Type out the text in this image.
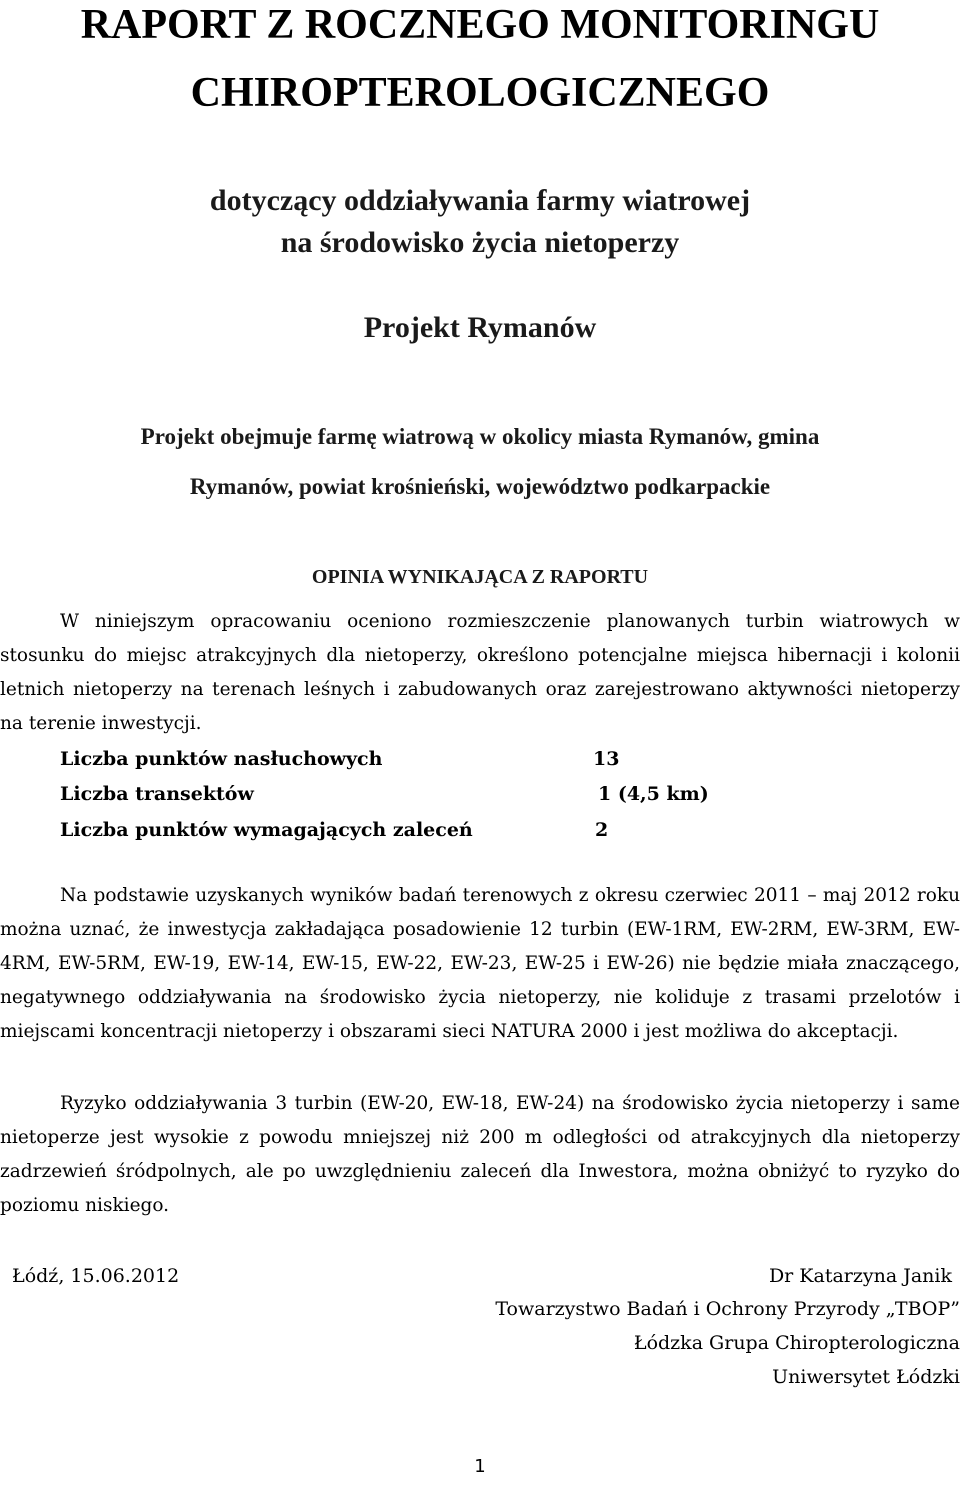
RAPORT Z ROCZNEGO MONITORINGU
CHIROPTEROLOGICZNEGO

dotyczący oddziaływania farmy wiatrowej

na środowisko życia nietoperzy

Projekt Rymanów

Projekt obejmuje farmę wiatrową w okolicy miasta Rymanów, gmina

Rymanów, powiat krośnieński, województwo podkarpackie

OPINIA WYNIKAJĄCA Z RAPORTU

W niniejszym opracowaniu oceniono rozmieszczenie planowanych turbin wiatrowych w stosunku do miejsc atrakcyjnych dla nietoperzy, określono potencjalne miejsca hibernacji i kolonii letnich nietoperzy na terenach leśnych i zabudowanych oraz zarejestrowano aktywności nietoperzy na terenie inwestycji.

Liczba punktów nasłuchowych	13
Liczba transektów	1 (4,5 km)
Liczba punktów wymagających zaleceń	2

Na podstawie uzyskanych wyników badań terenowych z okresu czerwiec 2011 – maj 2012 roku można uznać, że inwestycja zakładająca posadowienie 12 turbin (EW-1RM, EW-2RM, EW-3RM, EW-4RM, EW-5RM, EW-19, EW-14, EW-15, EW-22, EW-23, EW-25 i EW-26) nie będzie miała znaczącego, negatywnego oddziaływania na środowisko życia nietoperzy, nie koliduje z trasami przelotów i miejscami koncentracji nietoperzy i obszarami sieci NATURA 2000 i jest możliwa do akceptacji.

Ryzyko oddziaływania 3 turbin (EW-20, EW-18, EW-24) na środowisko życia nietoperzy i same nietoperze jest wysokie z powodu mniejszej niż 200 m odległości od atrakcyjnych dla nietoperzy zadrzewień śródpolnych, ale po uwzględnieniu zaleceń dla Inwestora, można obniżyć to ryzyko do poziomu niskiego.

Łódź, 15.06.2012	Dr Katarzyna Janik

Towarzystwo Badań i Ochrony Przyrody „TBOP”

Łódzka Grupa Chiropterologiczna

Uniwersytet Łódzki

1
